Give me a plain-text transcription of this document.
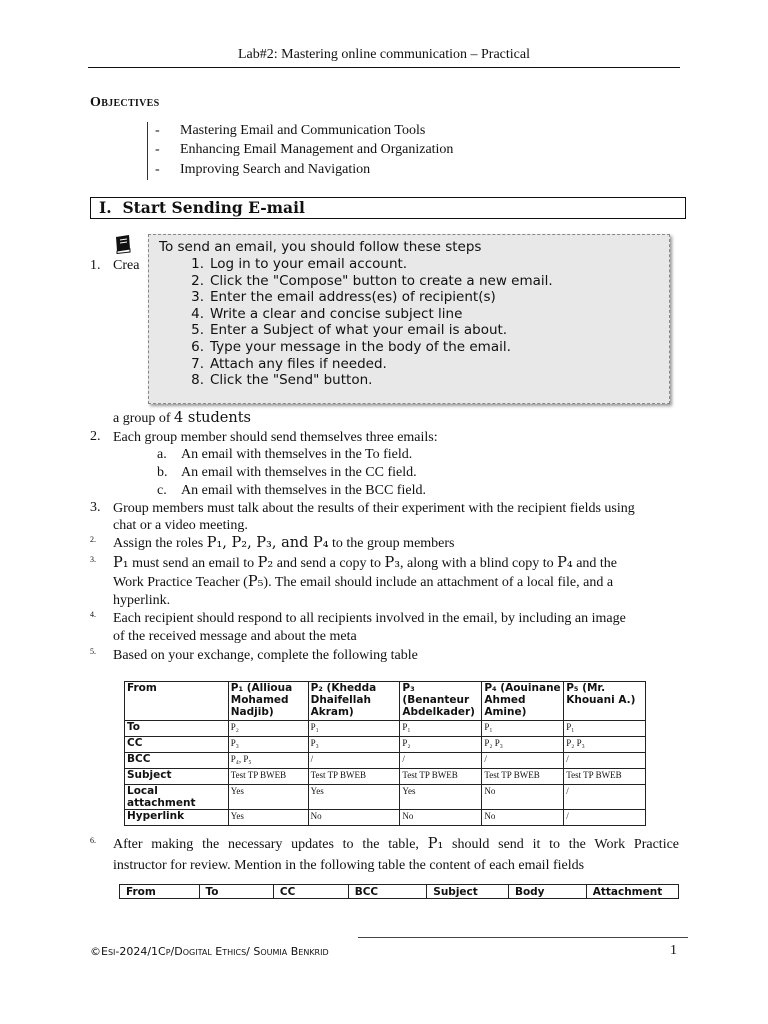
Lab#2: Mastering online communication – Practical
Objectives
- Mastering Email and Communication Tools
- Enhancing Email Management and Organization
- Improving Search and Navigation
I.  Start Sending E-mail
1. Crea
To send an email, you should follow these steps
1. Log in to your email account.
2. Click the "Compose" button to create a new email.
3. Enter the email address(es) of recipient(s)
4. Write a clear and concise subject line
5. Enter a Subject of what your email is about.
6. Type your message in the body of the email.
7. Attach any files if needed.
8. Click the "Send" button.
a group of 4 students
2. Each group member should send themselves three emails:
a. An email with themselves in the To field.
b. An email with themselves in the CC field.
c. An email with themselves in the BCC field.
3. Group members must talk about the results of their experiment with the recipient fields using
chat or a video meeting.
2. Assign the roles P₁, P₂, P₃, and P₄ to the group members
3. P₁ must send an email to P₂ and send a copy to P₃, along with a blind copy to P₄ and the
Work Practice Teacher (P₅). The email should include an attachment of a local file, and a
hyperlink.
4. Each recipient should respond to all recipients involved in the email, by including an image
of the received message and about the meta
5. Based on your exchange, complete the following table
From	P₁ (Allioua Mohamed Nadjib)	P₂ (Khedda Dhaifellah Akram)	P₃ (Benanteur Abdelkader)	P₄ (Aouinane Ahmed Amine)	P₅ (Mr. Khouani A.)
To	P₂	P₁	P₁	P₁	P₁
CC	P₃	P₃	P₂	P₂ P₃	P₂ P₃
BCC	P₄, P₅	/	/	/	/
Subject	Test TP BWEB	Test TP BWEB	Test TP BWEB	Test TP BWEB	Test TP BWEB
Local attachment	Yes	Yes	Yes	No	/
Hyperlink	Yes	No	No	No	/
6. After making the necessary updates to the table, P₁ should send it to the Work Practice
instructor for review. Mention in the following table the content of each email fields
From	To	CC	BCC	Subject	Body	Attachment
©Esi-2024/1Cp/Dogital Ethics/ Soumia Benkrid	1
